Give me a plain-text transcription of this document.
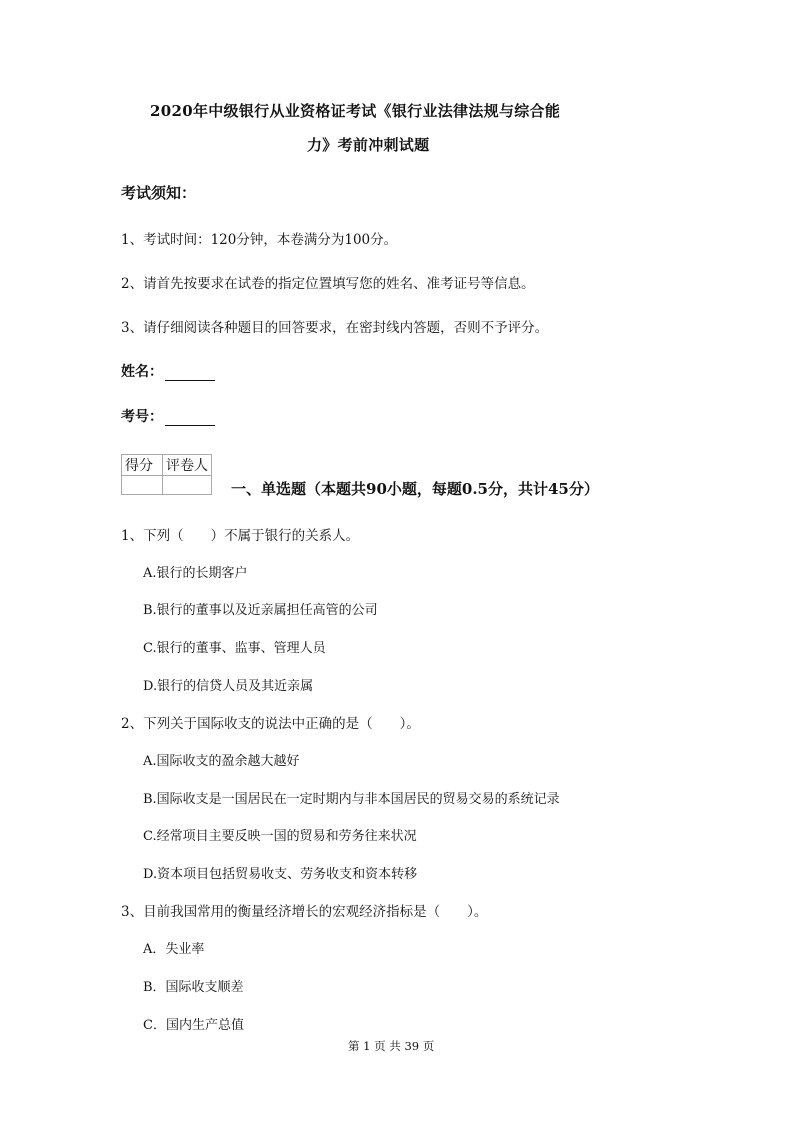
2020年中级银行从业资格证考试《银行业法律法规与综合能
力》考前冲刺试题
考试须知：
1、考试时间：120分钟，本卷满分为100分。
2、请首先按要求在试卷的指定位置填写您的姓名、准考证号等信息。
3、请仔细阅读各种题目的回答要求，在密封线内答题，否则不予评分。
姓名：
考号：
得分	评卷人

一、单选题（本题共90小题，每题0.5分，共计45分）
1、下列（　　）不属于银行的关系人。
A.银行的长期客户
B.银行的董事以及近亲属担任高管的公司
C.银行的董事、监事、管理人员
D.银行的信贷人员及其近亲属
2、下列关于国际收支的说法中正确的是（　　）。
A.国际收支的盈余越大越好
B.国际收支是一国居民在一定时期内与非本国居民的贸易交易的系统记录
C.经常项目主要反映一国的贸易和劳务往来状况
D.资本项目包括贸易收支、劳务收支和资本转移
3、目前我国常用的衡量经济增长的宏观经济指标是（　　）。
A．失业率
B．国际收支顺差
C．国内生产总值
第 1 页 共 39 页
